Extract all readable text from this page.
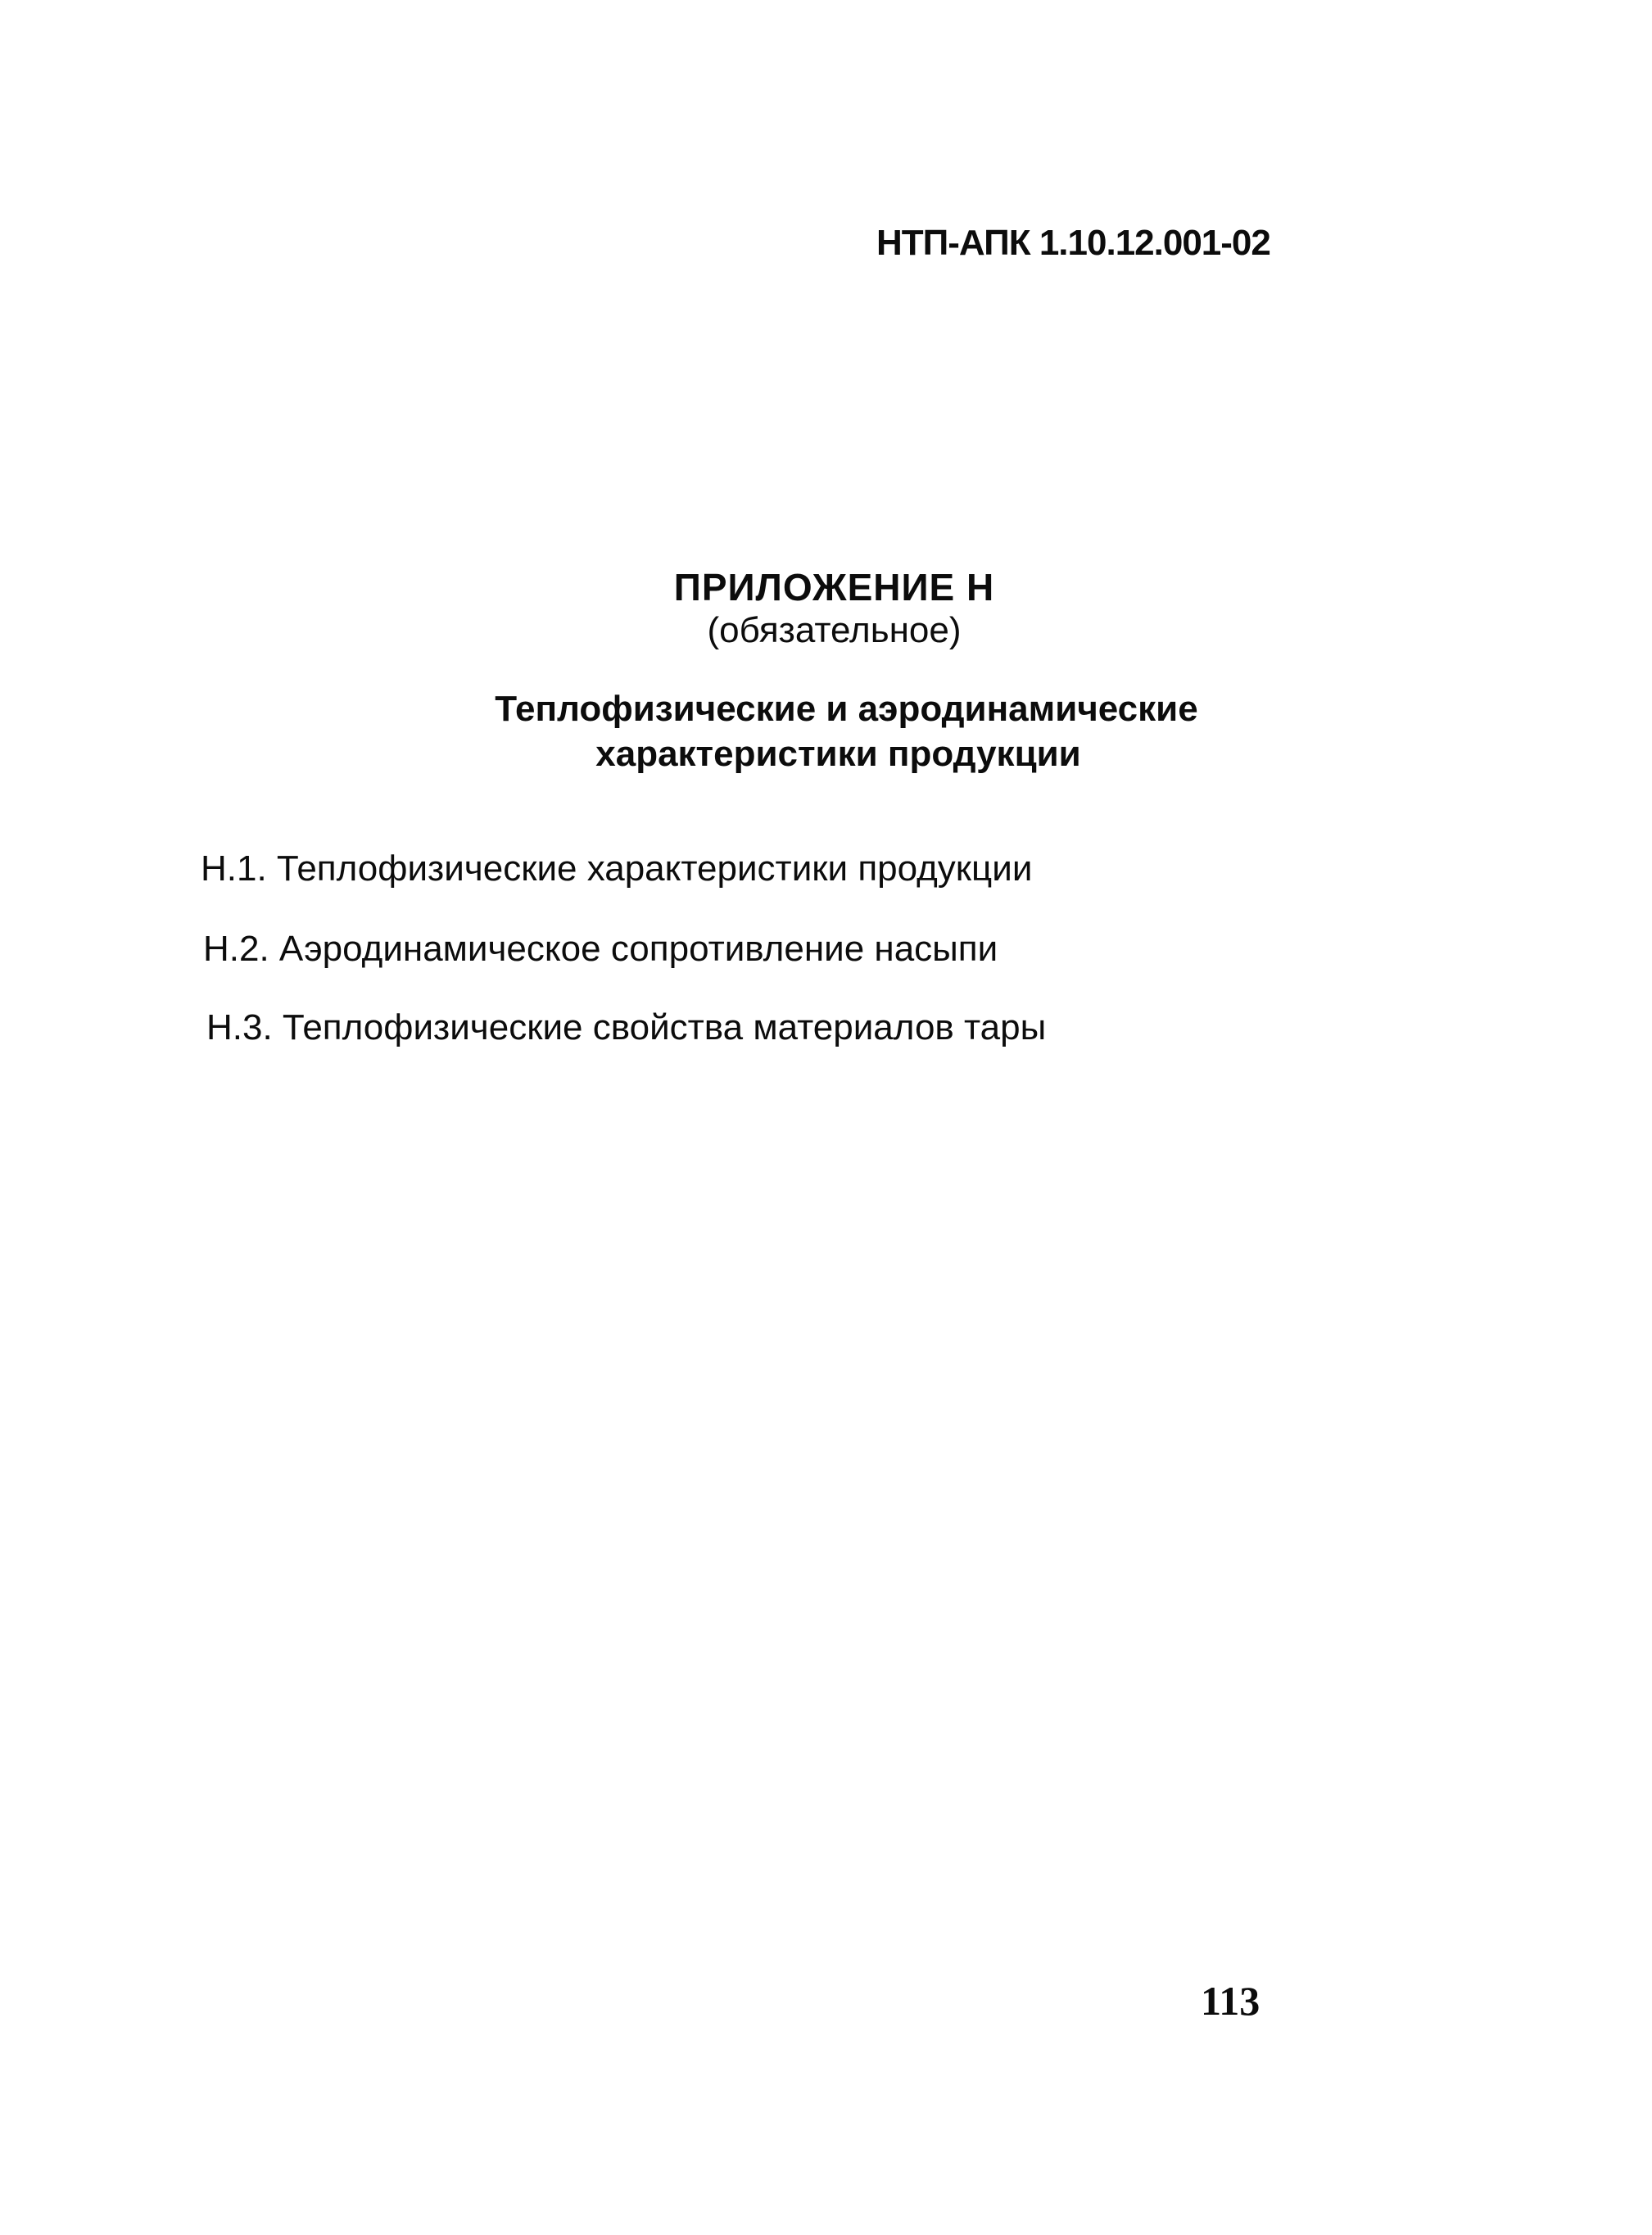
НТП-АПК 1.10.12.001-02
ПРИЛОЖЕНИЕ Н
(обязательное)
Теплофизические и аэродинамические
характеристики продукции
Н.1. Теплофизические характеристики продукции
Н.2. Аэродинамическое сопротивление насыпи
Н.3. Теплофизические свойства материалов тары
113
